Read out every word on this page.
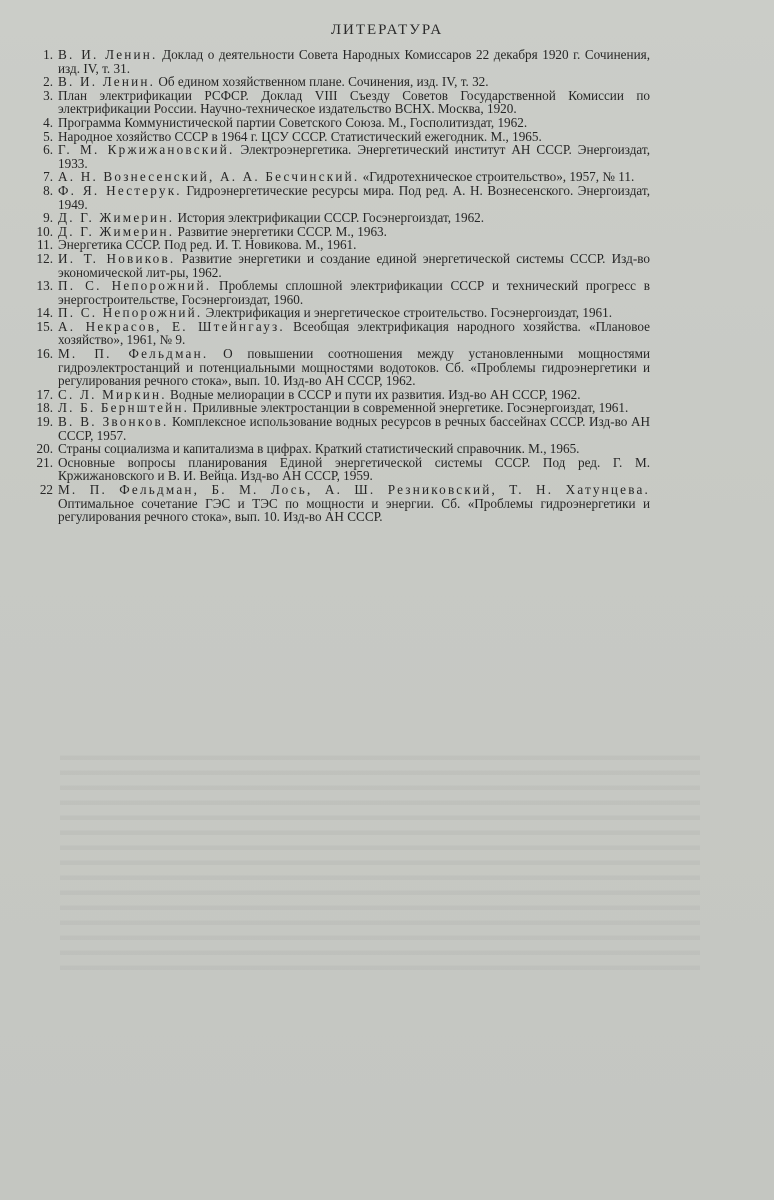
ЛИТЕРАТУРА
1. В. И. Ленин. Доклад о деятельности Совета Народных Комиссаров 22 декабря 1920 г. Сочинения, изд. IV, т. 31.
2. В. И. Ленин. Об едином хозяйственном плане. Сочинения, изд. IV, т. 32.
3. План электрификации РСФСР. Доклад VIII Съезду Советов Государственной Комиссии по электрификации России. Научно-техническое издательство ВСНХ. Москва, 1920.
4. Программа Коммунистической партии Советского Союза. М., Госполитиздат, 1962.
5. Народное хозяйство СССР в 1964 г. ЦСУ СССР. Статистический ежегодник. М., 1965.
6. Г. М. Кржижановский. Электроэнергетика. Энергетический институт АН СССР. Энергоиздат, 1933.
7. А. Н. Вознесенский, А. А. Бесчинский. «Гидротехническое строительство», 1957, № 11.
8. Ф. Я. Нестерук. Гидроэнергетические ресурсы мира. Под ред. А. Н. Вознесенского. Энергоиздат, 1949.
9. Д. Г. Жимерин. История электрификации СССР. Госэнергоиздат, 1962.
10. Д. Г. Жимерин. Развитие энергетики СССР. М., 1963.
11. Энергетика СССР. Под ред. И. Т. Новикова. М., 1961.
12. И. Т. Новиков. Развитие энергетики и создание единой энергетической системы СССР. Изд-во экономической лит-ры, 1962.
13. П. С. Непорожний. Проблемы сплошной электрификации СССР и технический прогресс в энергостроительстве, Госэнергоиздат, 1960.
14. П. С. Непорожний. Электрификация и энергетическое строительство. Госэнергоиздат, 1961.
15. А. Некрасов, Е. Штейнгауз. Всеобщая электрификация народного хозяйства. «Плановое хозяйство», 1961, № 9.
16. М. П. Фельдман. О повышении соотношения между установленными мощностями гидроэлектростанций и потенциальными мощностями водотоков. Сб. «Проблемы гидроэнергетики и регулирования речного стока», вып. 10. Изд-во АН СССР, 1962.
17. С. Л. Миркин. Водные мелиорации в СССР и пути их развития. Изд-во АН СССР, 1962.
18. Л. Б. Бернштейн. Приливные электростанции в современной энергетике. Госэнергоиздат, 1961.
19. В. В. Звонков. Комплексное использование водных ресурсов в речных бассейнах СССР. Изд-во АН СССР, 1957.
20. Страны социализма и капитализма в цифрах. Краткий статистический справочник. М., 1965.
21. Основные вопросы планирования Единой энергетической системы СССР. Под ред. Г. М. Кржижановского и В. И. Вейца. Изд-во АН СССР, 1959.
22 М. П. Фельдман, Б. М. Лось, А. Ш. Резниковский, Т. Н. Хатунцева. Оптимальное сочетание ГЭС и ТЭС по мощности и энергии. Сб. «Проблемы гидроэнергетики и регулирования речного стока», вып. 10. Изд-во АН СССР.
